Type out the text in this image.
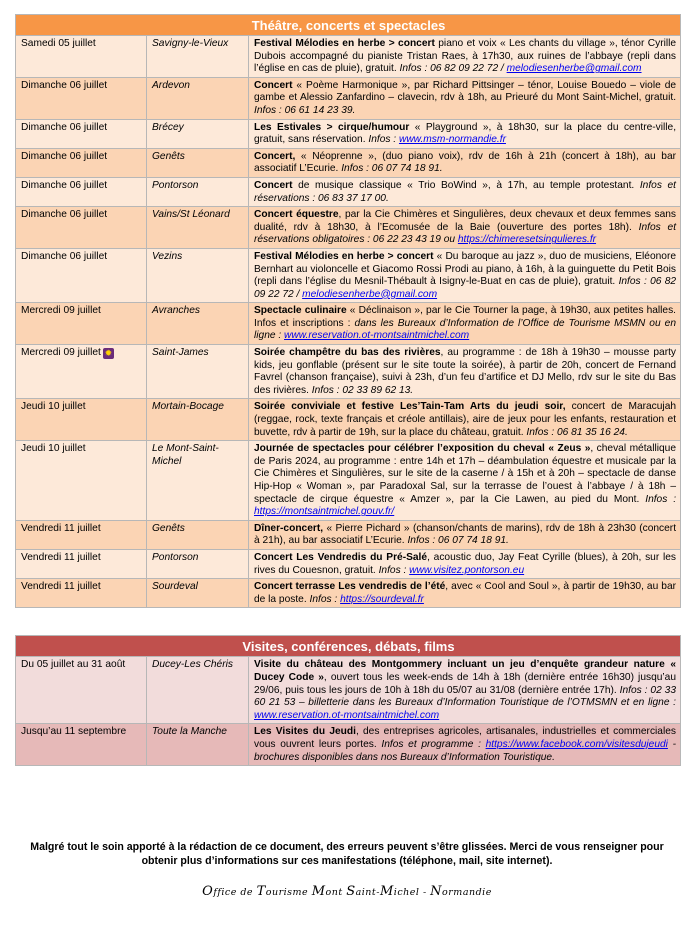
Théâtre, concerts et spectacles		
Samedi 05 juillet	Savigny-le-Vieux	Festival Mélodies en herbe > concert piano et voix « Les chants du village », ténor Cyrille Dubois accompagné du pianiste Tristan Raes, à 17h30, aux ruines de l’abbaye (repli dans l’église en cas de pluie), gratuit. Infos : 06 82 09 22 72 / melodiesenherbe@gmail.com
Dimanche 06 juillet	Ardevon	Concert « Poème Harmonique », par Richard Pittsinger – ténor, Louise Bouedo – viole de gambe et Alessio Zanfardino – clavecin, rdv à 18h, au Prieuré du Mont Saint-Michel, gratuit. Infos : 06 61 14 23 39.
Dimanche 06 juillet	Brécey	Les Estivales > cirque/humour « Playground », à 18h30, sur la place du centre-ville, gratuit, sans réservation. Infos : www.msm-normandie.fr
Dimanche 06 juillet	Genêts	Concert, « Néoprenne », (duo piano voix), rdv de 16h à 21h (concert à 18h), au bar associatif L’Ecurie. Infos : 06 07 74 18 91.
Dimanche 06 juillet	Pontorson	Concert de musique classique « Trio BoWind », à 17h, au temple protestant. Infos et réservations : 06 83 37 17 00.
Dimanche 06 juillet	Vains/St Léonard	Concert équestre, par la Cie Chimères et Singulières, deux chevaux et deux femmes sans dualité, rdv à 18h30, à l’Ecomusée de la Baie (ouverture des portes 18h). Infos et réservations obligatoires : 06 22 23 43 19 ou https://chimeresetsingulieres.fr
Dimanche 06 juillet	Vezins	Festival Mélodies en herbe > concert « Du baroque au jazz », duo de musiciens, Eléonore Bernhart au violoncelle et Giacomo Rossi Prodi au piano, à 16h, à la guinguette du Petit Bois (repli dans l’église du Mesnil-Thébault à Isigny-le-Buat en cas de pluie), gratuit. Infos : 06 82 09 22 72 / melodiesenherbe@gmail.com
Mercredi 09 juillet	Avranches	Spectacle culinaire « Déclinaison », par le Cie Tourner la page, à 19h30, aux petites halles. Infos et inscriptions : dans les Bureaux d’Information de l’Office de Tourisme MSMN ou en ligne : www.reservation.ot-montsaintmichel.com
Mercredi 09 juillet ✹	Saint-James	Soirée champêtre du bas des rivières, au programme : de 18h à 19h30 – mousse party kids, jeu gonflable (présent sur le site toute la soirée), à partir de 20h, concert de Fernand Favrel (chanson française), suivi à 23h, d’un feu d’artifice et DJ Mello, rdv sur le site du Bas des rivières. Infos : 02 33 89 62 13.
Jeudi 10 juillet	Mortain-Bocage	Soirée conviviale et festive Les’Tain-Tam Arts du jeudi soir, concert de Maracujah (reggae, rock, texte français et créole antillais), aire de jeux pour les enfants, restauration et buvette, rdv à partir de 19h, sur la place du château, gratuit. Infos : 06 81 35 16 24.
Jeudi 10 juillet	Le Mont-Saint-Michel	Journée de spectacles pour célébrer l’exposition du cheval « Zeus », cheval métallique de Paris 2024, au programme : entre 14h et 17h – déambulation équestre et musicale par la Cie Chimères et Singulières, sur le site de la caserne / à 15h et à 20h – spectacle de danse Hip-Hop « Woman », par Paradoxal Sal, sur la terrasse de l’ouest à l’abbaye / à 18h – spectacle de cirque équestre « Amzer », par la Cie Lawen, au pied du Mont. Infos : https://montsaintmichel.gouv.fr/
Vendredi 11 juillet	Genêts	Dîner-concert, « Pierre Pichard » (chanson/chants de marins), rdv de 18h à 23h30 (concert à 21h), au bar associatif L’Ecurie. Infos : 06 07 74 18 91.
Vendredi 11 juillet	Pontorson	Concert Les Vendredis du Pré-Salé, acoustic duo, Jay Feat Cyrille (blues), à 20h, sur les rives du Couesnon, gratuit. Infos : www.visitez.pontorson.eu
Vendredi 11 juillet	Sourdeval	Concert terrasse Les vendredis de l’été, avec « Cool and Soul », à partir de 19h30, au bar de la poste. Infos : https://sourdeval.fr
Visites, conférences, débats, films		
Du 05 juillet au 31 août	Ducey-Les Chéris	Visite du château des Montgommery incluant un jeu d’enquête grandeur nature « Ducey Code », ouvert tous les week-ends de 14h à 18h (dernière entrée 16h30) jusqu’au 29/06, puis tous les jours de 10h à 18h du 05/07 au 31/08 (dernière entrée 17h). Infos : 02 33 60 21 53 – billetterie dans les Bureaux d’Information Touristique de l’OTMSMN et en ligne : www.reservation.ot-montsaintmichel.com
Jusqu’au 11 septembre	Toute la Manche	Les Visites du Jeudi, des entreprises agricoles, artisanales, industrielles et commerciales vous ouvrent leurs portes. Infos et programme : https://www.facebook.com/visitesdujeudi - brochures disponibles dans nos Bureaux d’Information Touristique.
Malgré tout le soin apporté à la rédaction de ce document, des erreurs peuvent s’être glissées. Merci de vous renseigner pour obtenir plus d’informations sur ces manifestations (téléphone, mail, site internet).
Office de Tourisme Mont Saint-Michel - Normandie
